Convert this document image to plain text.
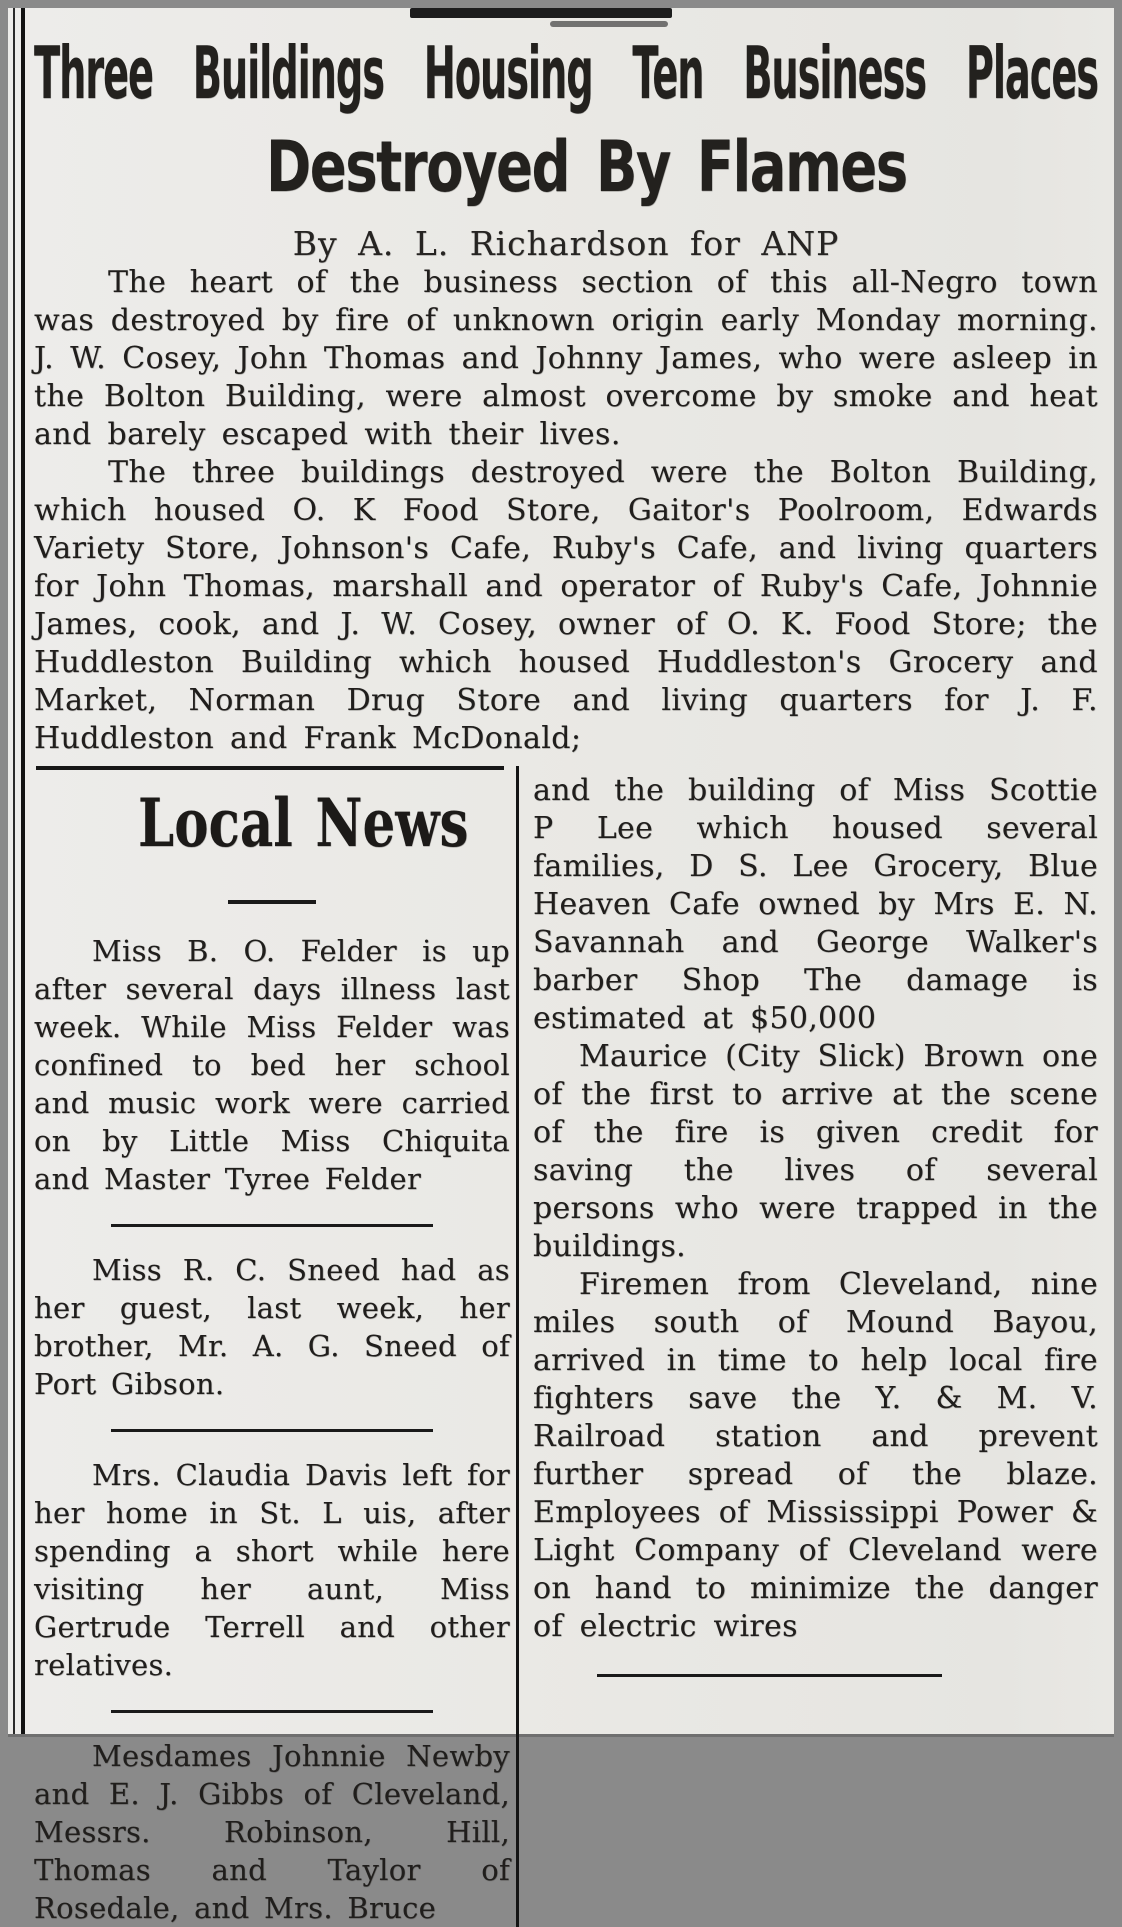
Three Buildings Housing Ten Business Places
Destroyed By Flames
By A. L. Richardson for ANP

The heart of the business section of this all-Negro town was destroyed by fire of unknown origin early Monday morning. J. W. Cosey, John Thomas and Johnny James, who were asleep in the Bolton Building, were almost overcome by smoke and heat and barely escaped with their lives.

The three buildings destroyed were the Bolton Building, which housed O. K Food Store, Gaitor's Poolroom, Edwards Variety Store, Johnson's Cafe, Ruby's Cafe, and living quarters for John Thomas, marshall and operator of Ruby's Cafe, Johnnie James, cook, and J. W. Cosey, owner of O. K. Food Store; the Huddleston Building which housed Huddleston's Grocery and Market, Norman Drug Store and living quarters for J. F. Huddleston and Frank McDonald;

Local News

Miss B. O. Felder is up after several days illness last week. While Miss Felder was confined to bed her school and music work were carried on by Little Miss Chiquita and Master Tyree Felder

Miss R. C. Sneed had as her guest, last week, her brother, Mr. A. G. Sneed of Port Gibson.

Mrs. Claudia Davis left for her home in St. L uis, after spending a short while here visiting her aunt, Miss Gertrude Terrell and other relatives.

Mesdames Johnnie Newby and E. J. Gibbs of Cleveland, Messrs. Robinson, Hill, Thomas and Taylor of Rosedale, and Mrs. Bruce

and the building of Miss Scottie P Lee which housed several families, D S. Lee Grocery, Blue Heaven Cafe owned by Mrs E. N. Savannah and George Walker's barber Shop The damage is estimated at $50,000

Maurice (City Slick) Brown one of the first to arrive at the scene of the fire is given credit for saving the lives of several persons who were trapped in the buildings.

Firemen from Cleveland, nine miles south of Mound Bayou, arrived in time to help local fire fighters save the Y. & M. V. Railroad station and prevent further spread of the blaze. Employees of Mississippi Power & Light Company of Cleveland were on hand to minimize the danger of electric wires
